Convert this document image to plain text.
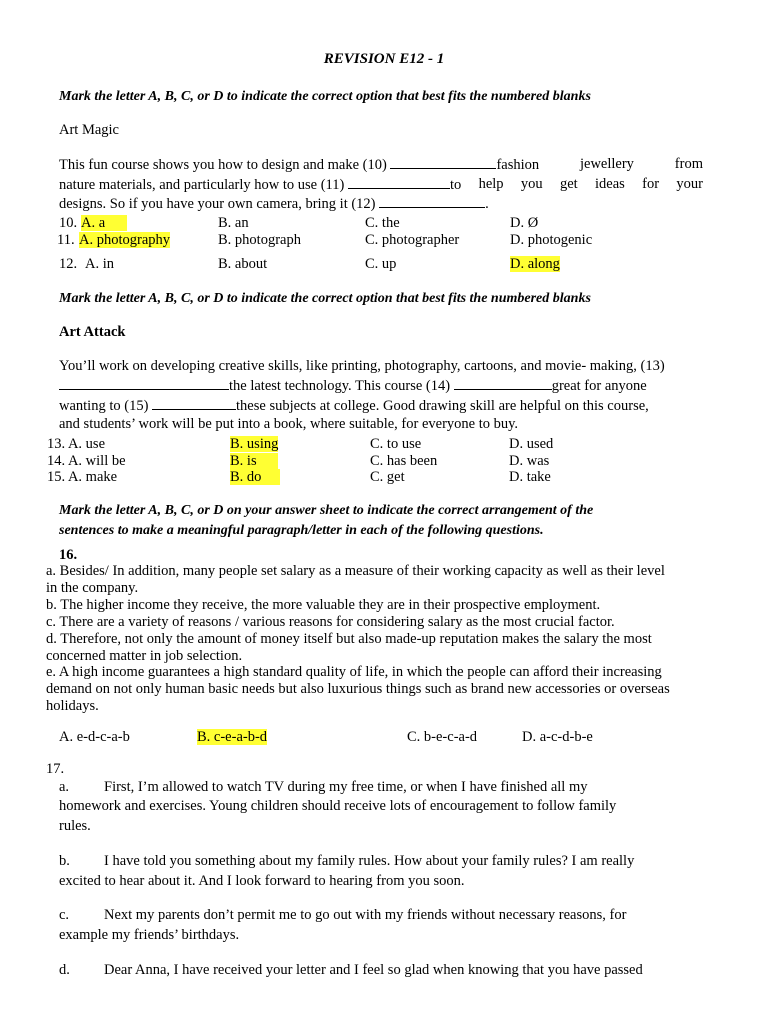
REVISION E12 - 1
Mark the letter A, B, C, or D to indicate the correct option that best fits the numbered blanks
Art Magic
This fun course shows you how to design and make (10)	fashion	jewellery	from
nature materials, and particularly how to use (11)	to help you get ideas for your
designs. So if you have your own camera, bring it (12)	.
10. A. a	B. an	C. the	D. Ø
11. A. photography	B. photograph	C. photographer	D. photogenic
12. A. in	B. about	C. up	D. along
Mark the letter A, B, C, or D to indicate the correct option that best fits the numbered blanks
Art Attack
You’ll work on developing creative skills, like printing, photography, cartoons, and movie- making, (13)
the latest technology. This course (14)	great for anyone
wanting to (15)	these subjects at college. Good drawing skill are helpful on this course,
and students’ work will be put into a book, where suitable, for everyone to buy.
13. A. use	B. using	C. to use	D. used
14. A. will be	B. is	C. has been	D. was
15. A. make	B. do	C. get	D. take
Mark the letter A, B, C, or D on your answer sheet to indicate the correct arrangement of the
sentences to make a meaningful paragraph/letter in each of the following questions.
16.
a. Besides/ In addition, many people set salary as a measure of their working capacity as well as their level
in the company.
b. The higher income they receive, the more valuable they are in their prospective employment.
c. There are a variety of reasons / various reasons for considering salary as the most crucial factor.
d. Therefore, not only the amount of money itself but also made-up reputation makes the salary the most
concerned matter in job selection.
e. A high income guarantees a high standard quality of life, in which the people can afford their increasing
demand on not only human basic needs but also luxurious things such as brand new accessories or overseas
holidays.
A. e-d-c-a-b	B. c-e-a-b-d	C. b-e-c-a-d	D. a-c-d-b-e
17.
a. First, I’m allowed to watch TV during my free time, or when I have finished all my
homework and exercises. Young children should receive lots of encouragement to follow family
rules.
b. I have told you something about my family rules. How about your family rules? I am really
excited to hear about it. And I look forward to hearing from you soon.
c. Next my parents don’t permit me to go out with my friends without necessary reasons, for
example my friends’ birthdays.
d. Dear Anna, I have received your letter and I feel so glad when knowing that you have passed
